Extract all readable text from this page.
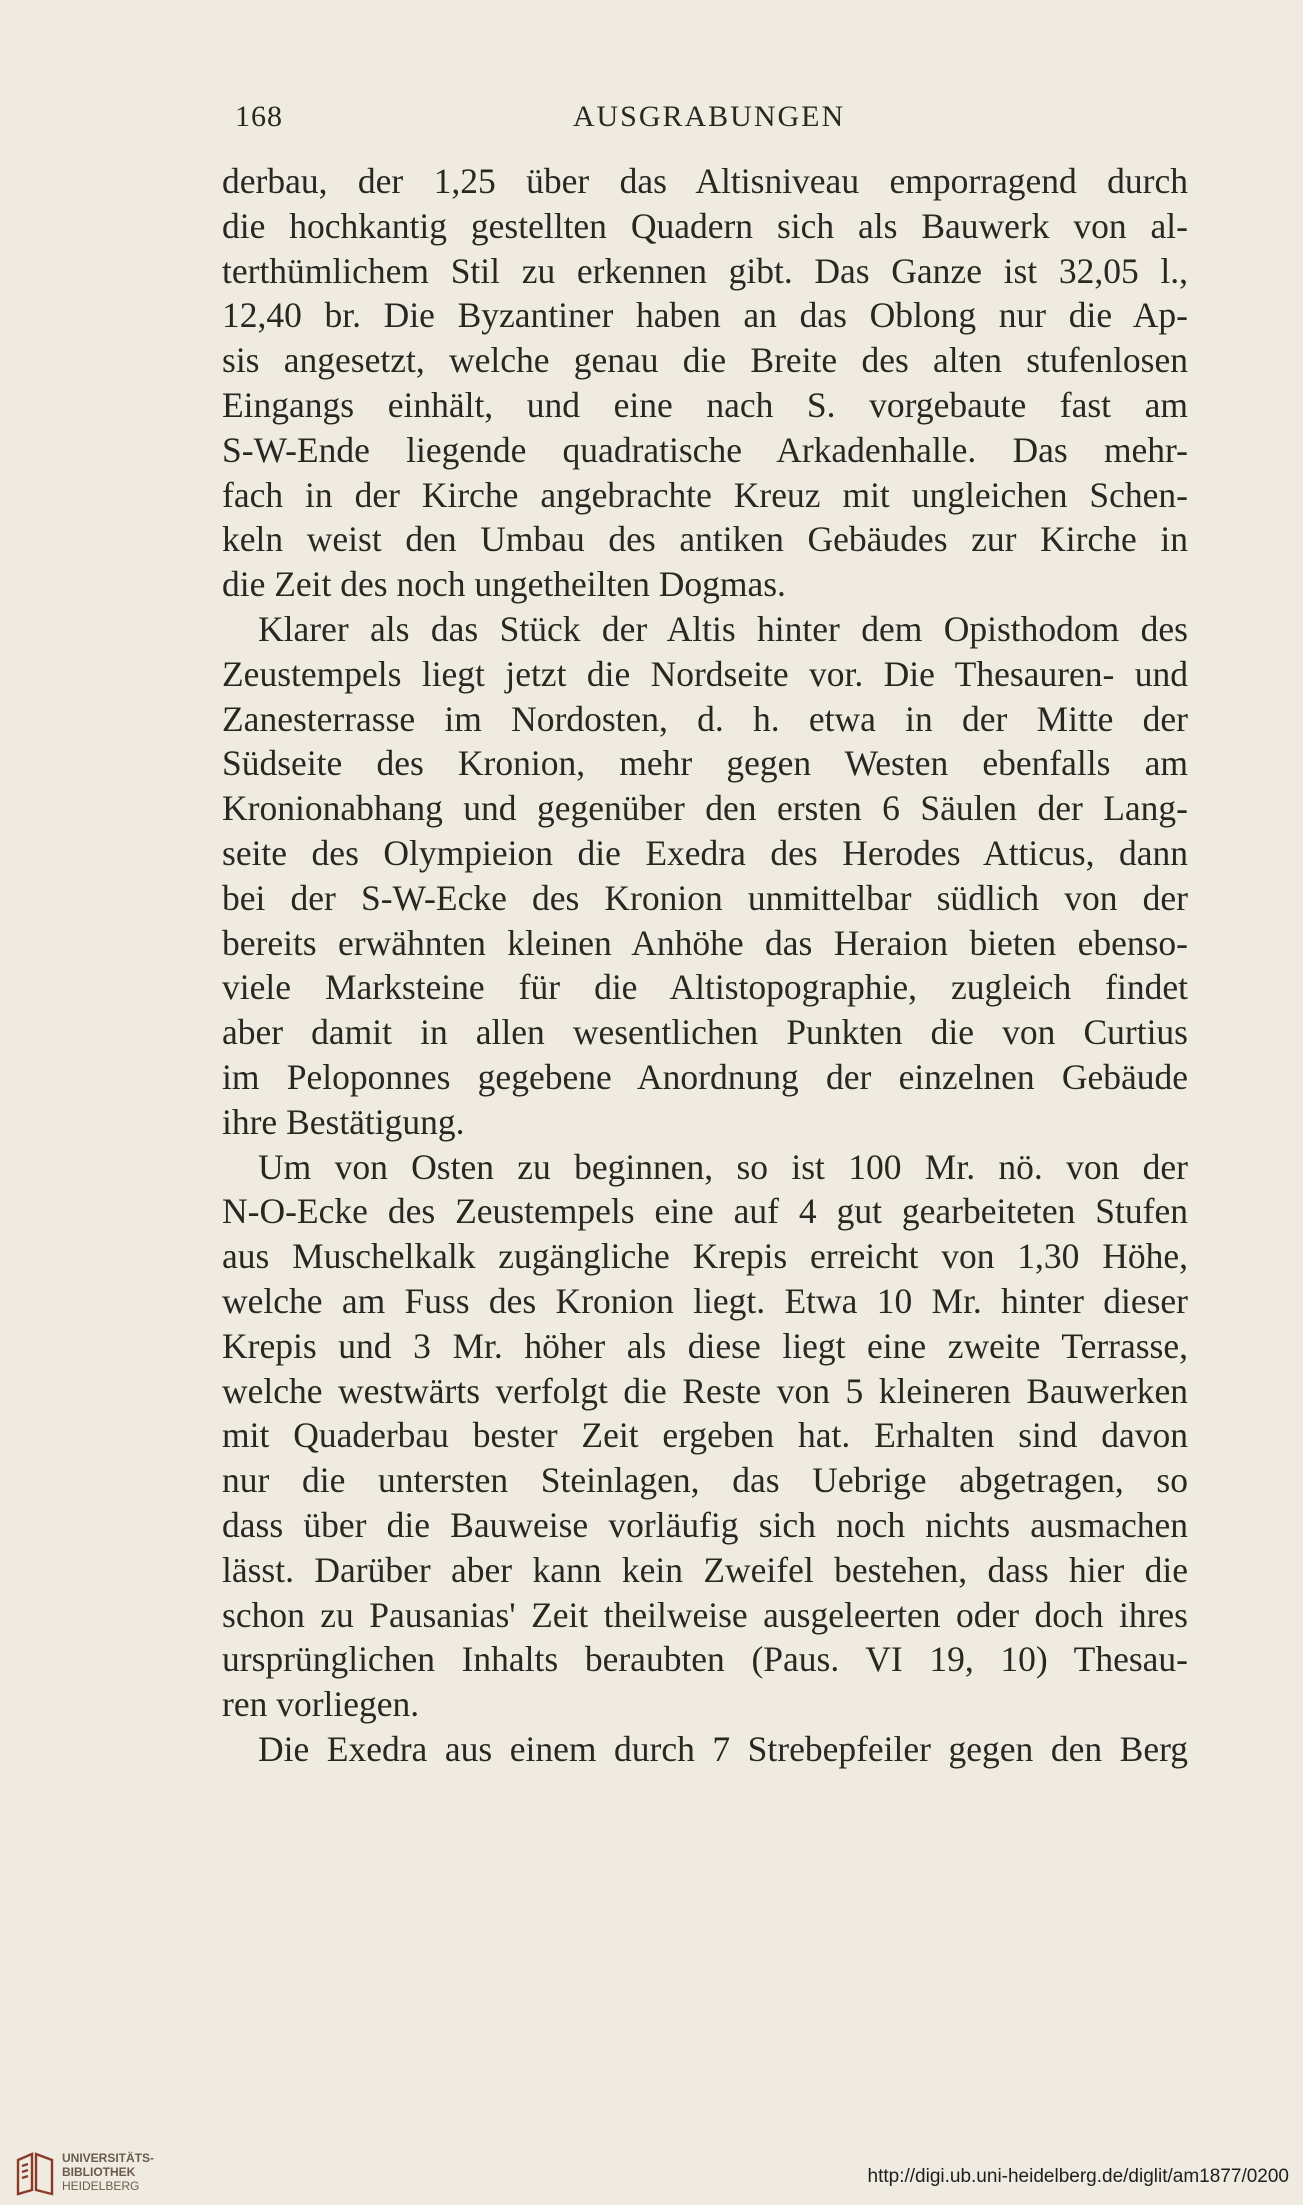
168	AUSGRABUNGEN
derbau, der 1,25 über das Altisniveau emporragend durch
die hochkantig gestellten Quadern sich als Bauwerk von al-
terthümlichem Stil zu erkennen gibt. Das Ganze ist 32,05 l.,
12,40 br. Die Byzantiner haben an das Oblong nur die Ap-
sis angesetzt, welche genau die Breite des alten stufenlosen
Eingangs einhält, und eine nach S. vorgebaute fast am
S-W-Ende liegende quadratische Arkadenhalle. Das mehr-
fach in der Kirche angebrachte Kreuz mit ungleichen Schen-
keln weist den Umbau des antiken Gebäudes zur Kirche in
die Zeit des noch ungetheilten Dogmas.
Klarer als das Stück der Altis hinter dem Opisthodom des
Zeustempels liegt jetzt die Nordseite vor. Die Thesauren- und
Zanesterrasse im Nordosten, d. h. etwa in der Mitte der
Südseite des Kronion, mehr gegen Westen ebenfalls am
Kronionabhang und gegenüber den ersten 6 Säulen der Lang-
seite des Olympieion die Exedra des Herodes Atticus, dann
bei der S-W-Ecke des Kronion unmittelbar südlich von der
bereits erwähnten kleinen Anhöhe das Heraion bieten ebenso-
viele Marksteine für die Altistopographie, zugleich findet
aber damit in allen wesentlichen Punkten die von Curtius
im Peloponnes gegebene Anordnung der einzelnen Gebäude
ihre Bestätigung.
Um von Osten zu beginnen, so ist 100 Mr. nö. von der
N-O-Ecke des Zeustempels eine auf 4 gut gearbeiteten Stufen
aus Muschelkalk zugängliche Krepis erreicht von 1,30 Höhe,
welche am Fuss des Kronion liegt. Etwa 10 Mr. hinter dieser
Krepis und 3 Mr. höher als diese liegt eine zweite Terrasse,
welche westwärts verfolgt die Reste von 5 kleineren Bauwerken
mit Quaderbau bester Zeit ergeben hat. Erhalten sind davon
nur die untersten Steinlagen, das Uebrige abgetragen, so
dass über die Bauweise vorläufig sich noch nichts ausmachen
lässt. Darüber aber kann kein Zweifel bestehen, dass hier die
schon zu Pausanias' Zeit theilweise ausgeleerten oder doch ihres
ursprünglichen Inhalts beraubten (Paus. VI 19, 10) Thesau-
ren vorliegen.
Die Exedra aus einem durch 7 Strebepfeiler gegen den Berg
UNIVERSITÄTS-
BIBLIOTHEK
HEIDELBERG	http://digi.ub.uni-heidelberg.de/diglit/am1877/0200
